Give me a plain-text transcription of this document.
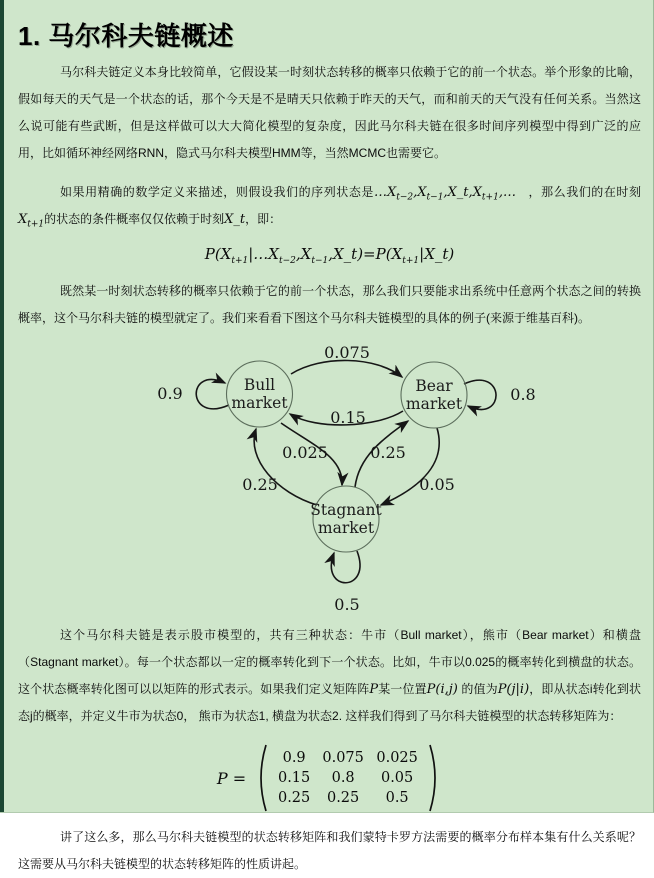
1. 马尔科夫链概述

马尔科夫链定义本身比较简单，它假设某一时刻状态转移的概率只依赖于它的前一个状态。举个形象的比喻，假如每天的天气是一个状态的话，那个今天是不是晴天只依赖于昨天的天气，而和前天的天气没有任何关系。当然这么说可能有些武断，但是这样做可以大大简化模型的复杂度，因此马尔科夫链在很多时间序列模型中得到广泛的应用，比如循环神经网络RNN，隐式马尔科夫模型HMM等，当然MCMC也需要它。

如果用精确的数学定义来描述，则假设我们的序列状态是$\dots X_{t-2},X_{t-1},X\_t,X_{t+1},\dots$ ，那么我们的在时刻$X_{t+1}$的状态的条件概率仅仅依赖于时刻X_t，即：

$P(X_{t+1}|\dots X_{t-2},X_{t-1},X\_t)=P(X_{t+1}|X\_t)$

既然某一时刻状态转移的概率只依赖于它的前一个状态，那么我们只要能求出系统中任意两个状态之间的转换概率，这个马尔科夫链的模型就定了。我们来看看下图这个马尔科夫链模型的具体的例子(来源于维基百科)。

Bull
market
Bear
market
Stagnant
market
0.9	0.8
0.075
0.15
0.025	0.25
0.25	0.05
0.5

这个马尔科夫链是表示股市模型的，共有三种状态：牛市（Bull market），熊市（Bear market）和横盘（Stagnant market）。每一个状态都以一定的概率转化到下一个状态。比如，牛市以0.025的概率转化到横盘的状态。这个状态概率转化图可以以矩阵的形式表示。如果我们定义矩阵阵P某一位置P(i,j) 的值为P(j|i)，即从状态i转化到状态j的概率，并定义牛市为状态0， 熊市为状态1, 横盘为状态2. 这样我们得到了马尔科夫链模型的状态转移矩阵为：

P =
0.9	0.075 0.025
0.15	0.8	0.05
0.25	0.25	0.5

讲了这么多，那么马尔科夫链模型的状态转移矩阵和我们蒙特卡罗方法需要的概率分布样本集有什么关系呢？这需要从马尔科夫链模型的状态转移矩阵的性质讲起。
